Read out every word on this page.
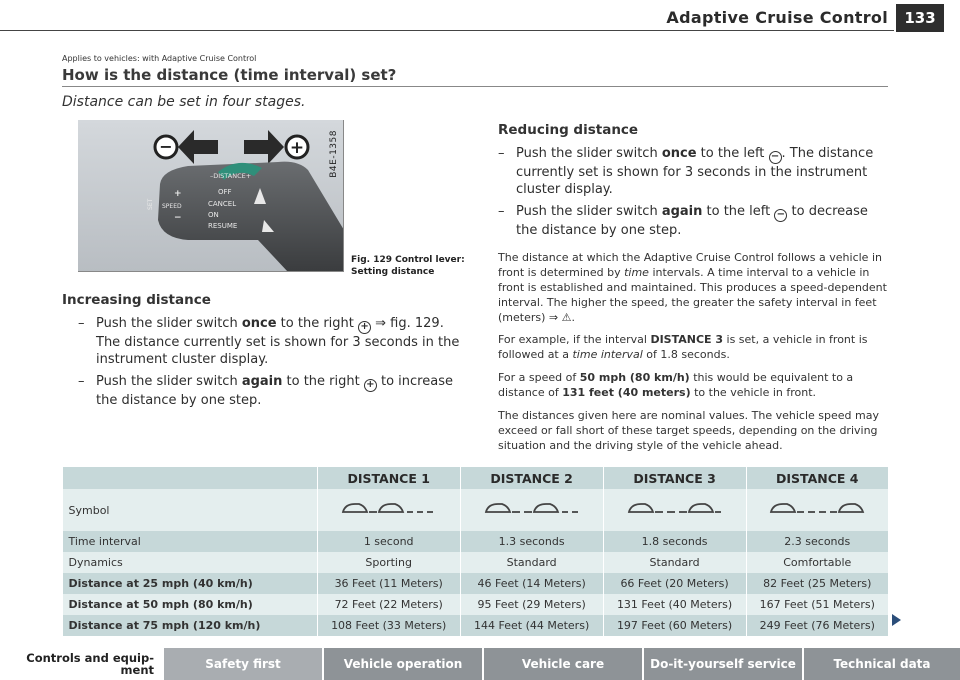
Adaptive Cruise Control	133
Applies to vehicles: with Adaptive Cruise Control
How is the distance (time interval) set?
Distance can be set in four stages.
−	+
–DISTANCE+
+
SPEED
−
SET
OFF
CANCEL
ON
RESUME
B4E-1358
Fig. 129 Control lever:
Setting distance
Increasing distance
– Push the slider switch once to the right + ⇒ fig. 129. The distance currently set is shown for 3 seconds in the instrument cluster display.
– Push the slider switch again to the right + to increase the distance by one step.
Reducing distance
– Push the slider switch once to the left − . The distance currently set is shown for 3 seconds in the instrument cluster display.
– Push the slider switch again to the left − to decrease the distance by one step.
The distance at which the Adaptive Cruise Control follows a vehicle in front is determined by time intervals. A time interval to a vehicle in front is established and maintained. This produces a speed-dependent interval. The higher the speed, the greater the safety interval in feet (meters) ⇒ ⚠.
For example, if the interval DISTANCE 3 is set, a vehicle in front is followed at a time interval of 1.8 seconds.
For a speed of 50 mph (80 km/h) this would be equivalent to a distance of 131 feet (40 meters) to the vehicle in front.
The distances given here are nominal values. The vehicle speed may exceed or fall short of these target speeds, depending on the driving situation and the driving style of the vehicle ahead.
	DISTANCE 1	DISTANCE 2	DISTANCE 3	DISTANCE 4
Symbol				
Time interval	1 second	1.3 seconds	1.8 seconds	2.3 seconds
Dynamics	Sporting	Standard	Standard	Comfortable
Distance at 25 mph (40 km/h)	36 Feet (11 Meters)	46 Feet (14 Meters)	66 Feet (20 Meters)	82 Feet (25 Meters)
Distance at 50 mph (80 km/h)	72 Feet (22 Meters)	95 Feet (29 Meters)	131 Feet (40 Meters)	167 Feet (51 Meters)
Distance at 75 mph (120 km/h)	108 Feet (33 Meters)	144 Feet (44 Meters)	197 Feet (60 Meters)	249 Feet (76 Meters)
Controls and equip-
ment	Safety first	Vehicle operation	Vehicle care	Do-it-yourself service	Technical data
